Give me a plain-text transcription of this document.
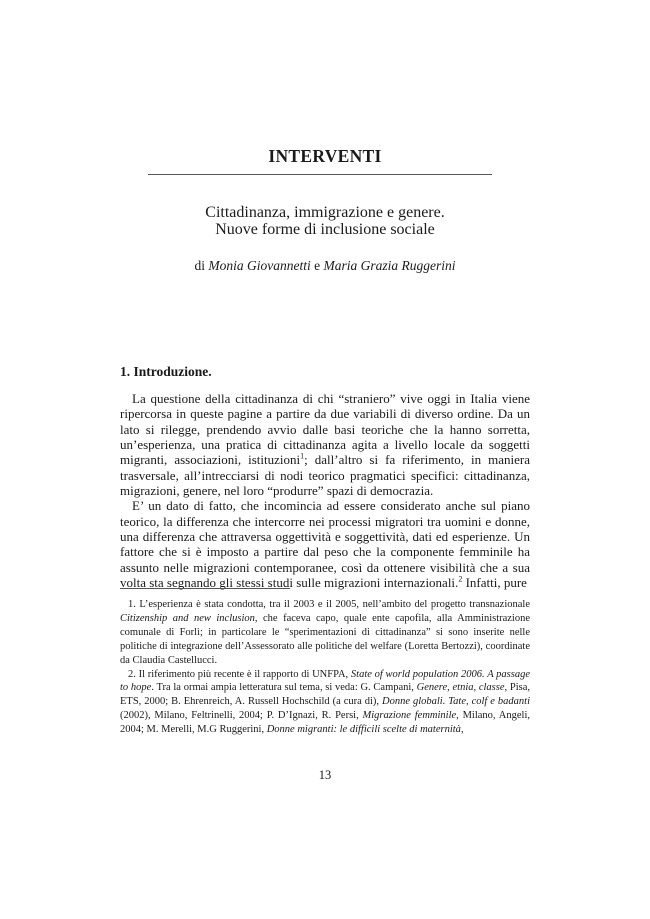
INTERVENTI
Cittadinanza, immigrazione e genere.
Nuove forme di inclusione sociale
di Monia Giovannetti e Maria Grazia Ruggerini
1. Introduzione.

La questione della cittadinanza di chi “straniero” vive oggi in Italia viene ripercorsa in queste pagine a partire da due variabili di diverso ordine. Da un lato si rilegge, prendendo avvio dalle basi teoriche che la hanno sorretta, un’esperienza, una pratica di cittadinanza agita a livello locale da soggetti migranti, associazioni, istituzioni$^1$; dall’altro si fa riferimento, in maniera trasversale, all’intrecciarsi di nodi teorico pragmatici specifici: cittadinanza, migrazioni, genere, nel loro “produrre” spazi di democrazia.

E’ un dato di fatto, che incomincia ad essere considerato anche sul piano teorico, la differenza che intercorre nei processi migratori tra uomini e donne, una differenza che attraversa oggettività e soggettività, dati ed esperienze. Un fattore che si è imposto a partire dal peso che la componente femminile ha assunto nelle migrazioni contemporanee, così da ottenere visibilità che a sua volta sta segnando gli stessi studi sulle migrazioni internazionali.$^2$ Infatti, pure

1. L’esperienza è stata condotta, tra il 2003 e il 2005, nell’ambito del progetto transnazionale Citizenship and new inclusion, che faceva capo, quale ente capofila, alla Amministrazione comunale di Forlì; in particolare le “sperimentazioni di cittadinanza” si sono inserite nelle politiche di integrazione dell’Assessorato alle politiche del welfare (Loretta Bertozzi), coordinate da Claudia Castellucci.

2. Il riferimento più recente è il rapporto di UNFPA, State of world population 2006. A passage to hope. Tra la ormai ampia letteratura sul tema, si veda: G. Campani, Genere, etnia, classe, Pisa, ETS, 2000; B. Ehrenreich, A. Russell Hochschild (a cura di), Donne globali. Tate, colf e badanti (2002), Milano, Feltrinelli, 2004; P. D’Ignazi, R. Persi, Migrazione femminile, Milano, Angeli, 2004; M. Merelli, M.G Ruggerini, Donne migranti: le difficili scelte di maternità,

13
